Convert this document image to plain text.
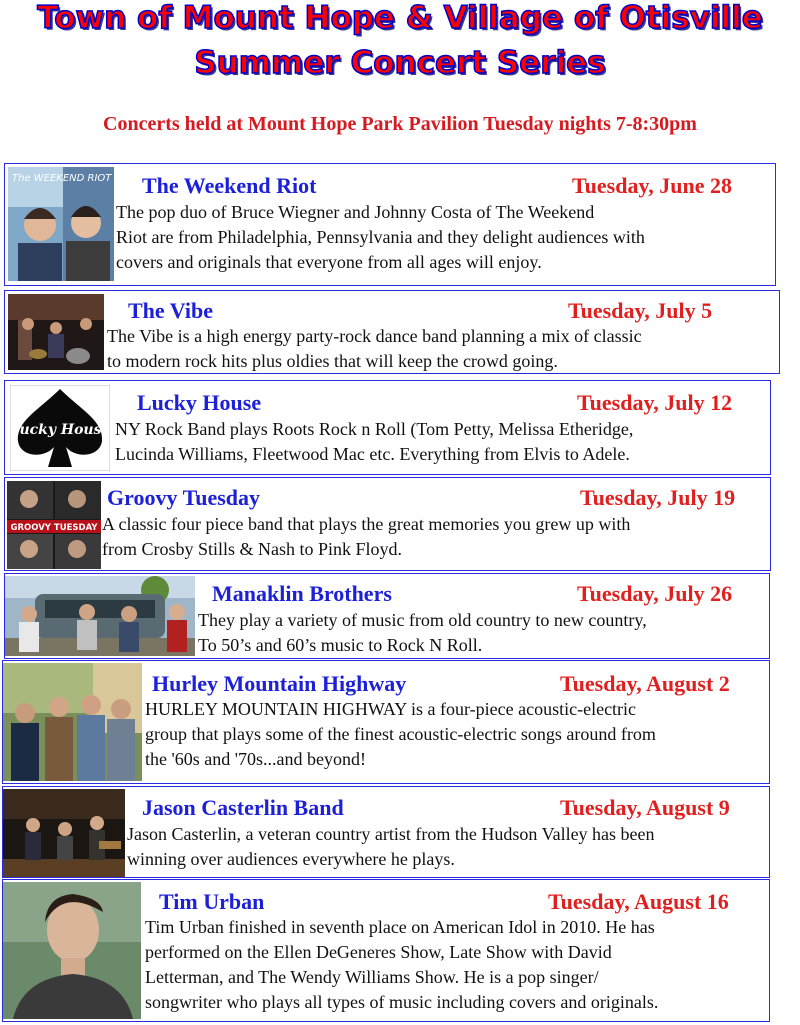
Town of Mount Hope & Village of Otisville
Summer Concert Series
Concerts held at Mount Hope Park Pavilion Tuesday nights 7-8:30pm
The WEEKEND RIOT The Weekend Riot	Tuesday, June 28
The pop duo of Bruce Wiegner and Johnny Costa of The Weekend
Riot are from Philadelphia, Pennsylvania and they delight audiences with
covers and originals that everyone from all ages will enjoy.
The Vibe	Tuesday, July 5
The Vibe is a high energy party-rock dance band planning a mix of classic
to modern rock hits plus oldies that will keep the crowd going.
Lucky House
Lucky House	Tuesday, July 12
NY Rock Band plays Roots Rock n Roll (Tom Petty, Melissa Etheridge,
Lucinda Williams, Fleetwood Mac etc. Everything from Elvis to Adele.
GROOVY TUESDAY
Groovy Tuesday	Tuesday, July 19
A classic four piece band that plays the great memories you grew up with
from Crosby Stills & Nash to Pink Floyd.
Manaklin Brothers	Tuesday, July 26
They play a variety of music from old country to new country,
To 50’s and 60’s music to Rock N Roll.
Hurley Mountain Highway	Tuesday, August 2
HURLEY MOUNTAIN HIGHWAY is a four-piece acoustic-electric
group that plays some of the finest acoustic-electric songs around from
the '60s and '70s...and beyond!
Jason Casterlin Band	Tuesday, August 9
Jason Casterlin, a veteran country artist from the Hudson Valley has been
winning over audiences everywhere he plays.
Tim Urban	Tuesday, August 16
Tim Urban finished in seventh place on American Idol in 2010. He has
performed on the Ellen DeGeneres Show, Late Show with David
Letterman, and The Wendy Williams Show. He is a pop singer/
songwriter who plays all types of music including covers and originals.
